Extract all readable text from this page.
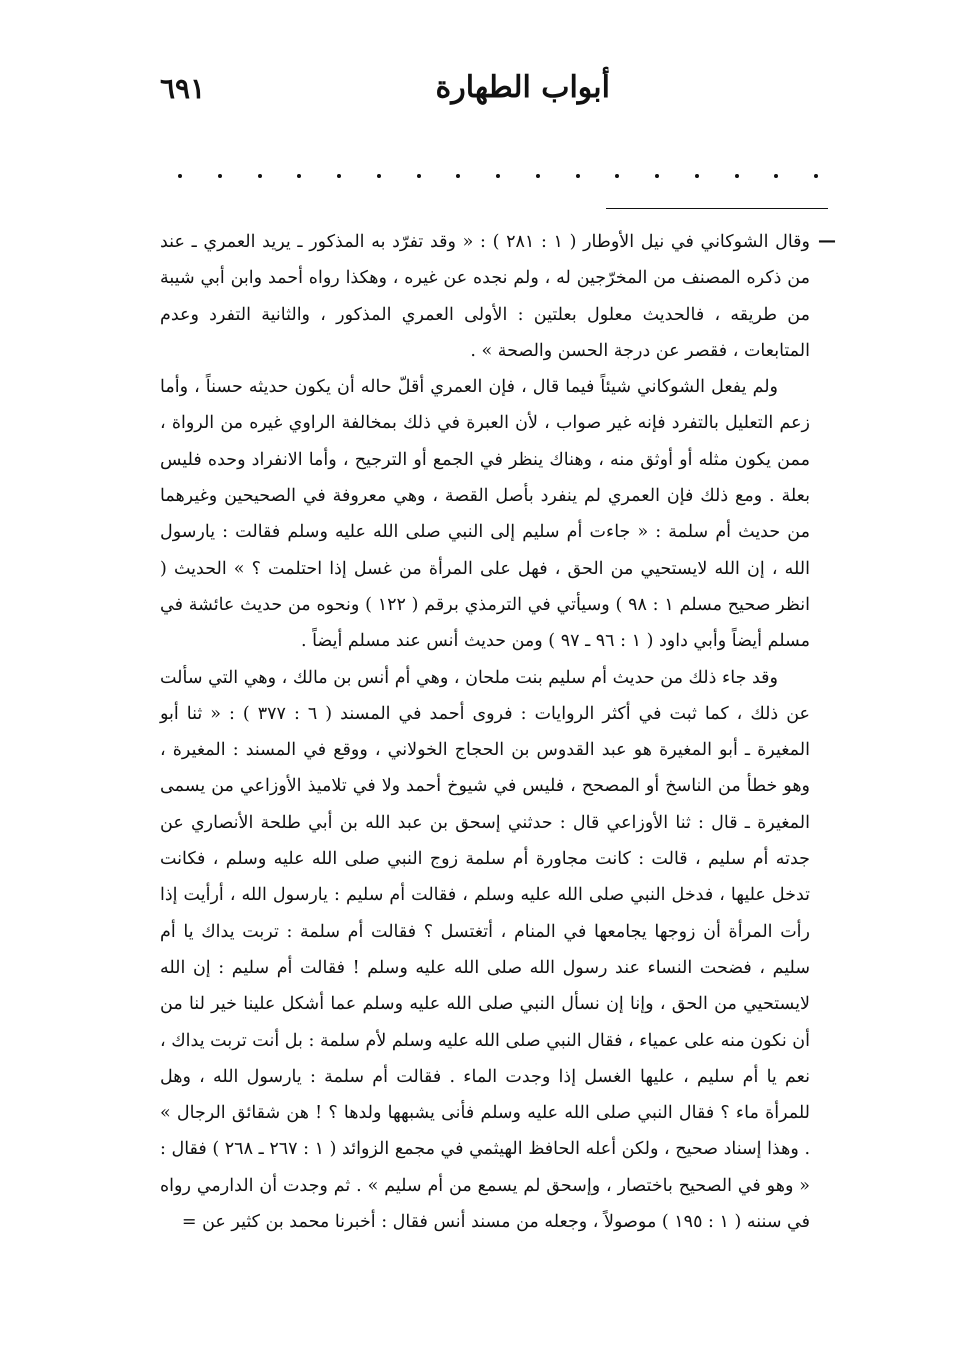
٦٩١	أبواب الطهارة
—

وقال الشوكاني في نيل الأوطار ( ١ : ٢٨١ ) : « وقد تفرّد به المذكور ـ يريد العمري ـ عند من ذكره المصنف من المخرّجين له ، ولم نجده عن غيره ، وهكذا رواه أحمد وابن أبي شيبة من طريقه ، فالحديث معلول بعلتين : الأولى العمري المذكور ، والثانية التفرد وعدم المتابعات ، فقصر عن درجة الحسن والصحة » .

ولم يفعل الشوكاني شيئاً فيما قال ، فإن العمري أقلّ حاله أن يكون حديثه حسناً ، وأما زعم التعليل بالتفرد فإنه غير صواب ، لأن العبرة في ذلك بمخالفة الراوي غيره من الرواة ، ممن يكون مثله أو أوثق منه ، وهناك ينظر في الجمع أو الترجيح ، وأما الانفراد وحده فليس بعلة . ومع ذلك فإن العمري لم ينفرد بأصل القصة ، وهي معروفة في الصحيحين وغيرهما من حديث أم سلمة : « جاءت أم سليم إلى النبي صلى الله عليه وسلم فقالت : يارسول الله ، إن الله لايستحيي من الحق ، فهل على المرأة من غسل إذا احتلمت ؟ » الحديث ( انظر صحيح مسلم ١ : ٩٨ ) وسيأتي في الترمذي برقم ( ١٢٢ ) ونحوه من حديث عائشة في مسلم أيضاً وأبي داود ( ١ : ٩٦ ـ ٩٧ ) ومن حديث أنس عند مسلم أيضاً .

وقد جاء ذلك من حديث أم سليم بنت ملحان ، وهي أم أنس بن مالك ، وهي التي سألت عن ذلك ، كما ثبت في أكثر الروايات : فروى أحمد في المسند ( ٦ : ٣٧٧ ) : « ثنا أبو المغيرة ـ أبو المغيرة هو عبد القدوس بن الحجاج الخولاني ، ووقع في المسند : المغيرة ، وهو خطأ من الناسخ أو المصحح ، فليس في شيوخ أحمد ولا في تلاميذ الأوزاعي من يسمى المغيرة ـ قال : ثنا الأوزاعي قال : حدثني إسحق بن عبد الله بن أبي طلحة الأنصاري عن جدته أم سليم ، قالت : كانت مجاورة أم سلمة زوج النبي صلى الله عليه وسلم ، فكانت تدخل عليها ، فدخل النبي صلى الله عليه وسلم ، فقالت أم سليم : يارسول الله ، أرأيت إذا رأت المرأة أن زوجها يجامعها في المنام ، أتغتسل ؟ فقالت أم سلمة : تربت يداك يا أم سليم ، فضحت النساء عند رسول الله صلى الله عليه وسلم ! فقالت أم سليم : إن الله لايستحيي من الحق ، وإنا إن نسأل النبي صلى الله عليه وسلم عما أشكل علينا خير لنا من أن نكون منه على عمياء ، فقال النبي صلى الله عليه وسلم لأم سلمة : بل أنت تربت يداك ، نعم يا أم سليم ، عليها الغسل إذا وجدت الماء . فقالت أم سلمة : يارسول الله ، وهل للمرأة ماء ؟ فقال النبي صلى الله عليه وسلم فأنى يشبهها ولدها ؟ ! هن شقائق الرجال » . وهذا إسناد صحيح ، ولكن أعله الحافظ الهيثمي في مجمع الزوائد ( ١ : ٢٦٧ ـ ٢٦٨ ) فقال : « وهو في الصحيح باختصار ، وإسحق لم يسمع من أم سليم » . ثم وجدت أن الدارمي رواه في سننه ( ١ : ١٩٥ ) موصولاً ، وجعله من مسند أنس فقال : أخبرنا محمد بن كثير عن =
